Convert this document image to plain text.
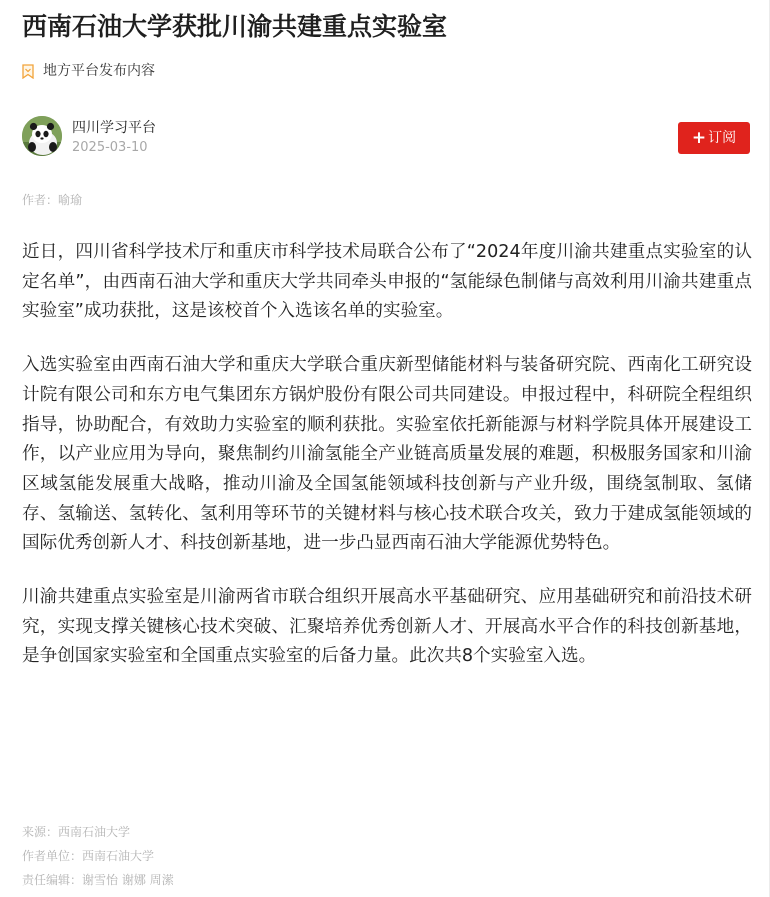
西南石油大学获批川渝共建重点实验室
地方平台发布内容
四川学习平台
2025-03-10	+ 订阅
作者：喻瑜

近日，四川省科学技术厅和重庆市科学技术局联合公布了“2024年度川渝共建重点实验室的认定名单”，由西南石油大学和重庆大学共同牵头申报的“氢能绿色制储与高效利用川渝共建重点实验室”成功获批，这是该校首个入选该名单的实验室。

入选实验室由西南石油大学和重庆大学联合重庆新型储能材料与装备研究院、西南化工研究设计院有限公司和东方电气集团东方锅炉股份有限公司共同建设。申报过程中，科研院全程组织指导，协助配合，有效助力实验室的顺利获批。实验室依托新能源与材料学院具体开展建设工作，以产业应用为导向，聚焦制约川渝氢能全产业链高质量发展的难题，积极服务国家和川渝区域氢能发展重大战略，推动川渝及全国氢能领域科技创新与产业升级，围绕氢制取、氢储存、氢输送、氢转化、氢利用等环节的关键材料与核心技术联合攻关，致力于建成氢能领域的国际优秀创新人才、科技创新基地，进一步凸显西南石油大学能源优势特色。

川渝共建重点实验室是川渝两省市联合组织开展高水平基础研究、应用基础研究和前沿技术研究，实现支撑关键核心技术突破、汇聚培养优秀创新人才、开展高水平合作的科技创新基地，是争创国家实验室和全国重点实验室的后备力量。此次共8个实验室入选。

来源：西南石油大学
作者单位：西南石油大学
责任编辑：谢雪怡 谢娜 周潆
